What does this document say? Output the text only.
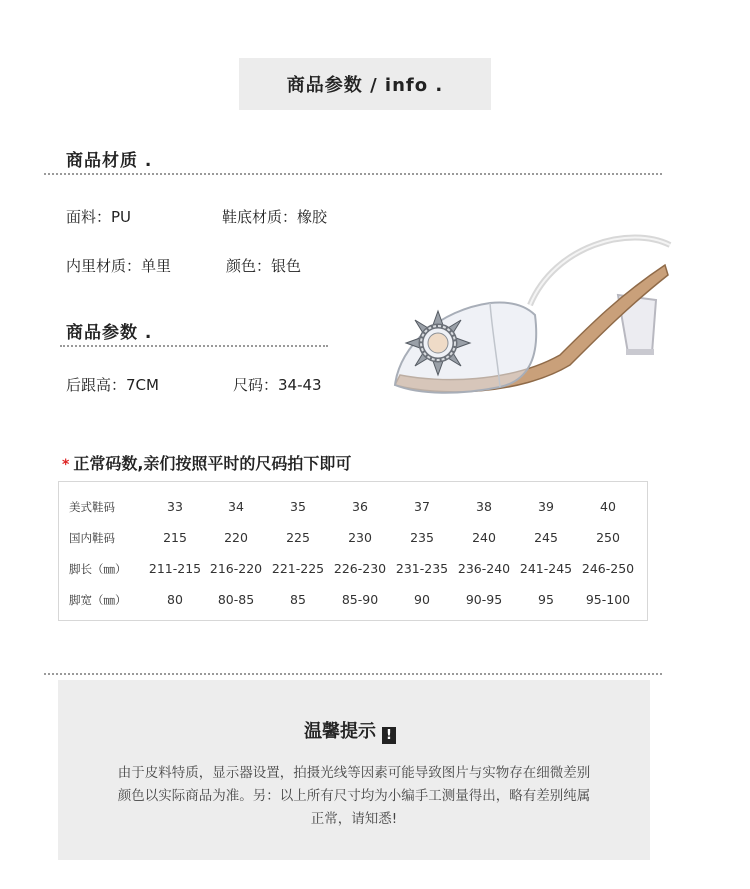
商品参数 / info .
商品材质 .
面料：PU	鞋底材质：橡胶
内里材质：单里	颜色：银色
商品参数 .
后跟高：7CM	尺码：34-43
* 正常码数,亲们按照平时的尺码拍下即可
美式鞋码	33	34	35	36	37	38	39	40
国内鞋码	215	220	225	230	235	240	245	250
脚长（㎜） 211-215 216-220 221-225 226-230 231-235 236-240 241-245 246-250
脚宽（㎜）	80	80-85	85	85-90	90	90-95	95	95-100
温馨提示 !
由于皮料特质，显示器设置，拍摄光线等因素可能导致图片与实物存在细微差别
颜色以实际商品为准。另：以上所有尺寸均为小编手工测量得出，略有差别纯属
正常，请知悉!
